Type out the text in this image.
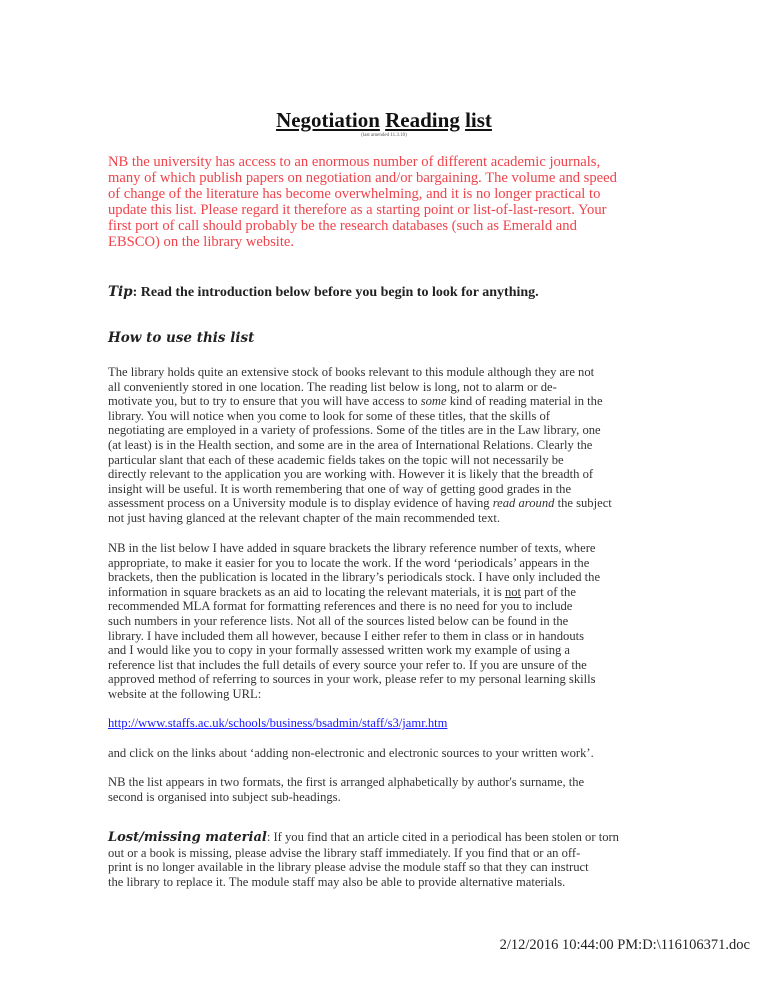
Negotiation Reading list
(last amended 11.3.10)
NB the university has access to an enormous number of different academic journals,
many of which publish papers on negotiation and/or bargaining. The volume and speed
of change of the literature has become overwhelming, and it is no longer practical to
update this list. Please regard it therefore as a starting point or list-of-last-resort. Your
first port of call should probably be the research databases (such as Emerald and
EBSCO) on the library website.
Tip: Read the introduction below before you begin to look for anything.
How to use this list
The library holds quite an extensive stock of books relevant to this module although they are not
all conveniently stored in one location. The reading list below is long, not to alarm or de-
motivate you, but to try to ensure that you will have access to some kind of reading material in the
library. You will notice when you come to look for some of these titles, that the skills of
negotiating are employed in a variety of professions. Some of the titles are in the Law library, one
(at least) is in the Health section, and some are in the area of International Relations. Clearly the
particular slant that each of these academic fields takes on the topic will not necessarily be
directly relevant to the application you are working with. However it is likely that the breadth of
insight will be useful. It is worth remembering that one of way of getting good grades in the
assessment process on a University module is to display evidence of having read around the subject
not just having glanced at the relevant chapter of the main recommended text.
NB in the list below I have added in square brackets the library reference number of texts, where
appropriate, to make it easier for you to locate the work. If the word ‘periodicals’ appears in the
brackets, then the publication is located in the library’s periodicals stock. I have only included the
information in square brackets as an aid to locating the relevant materials, it is not part of the
recommended MLA format for formatting references and there is no need for you to include
such numbers in your reference lists. Not all of the sources listed below can be found in the
library. I have included them all however, because I either refer to them in class or in handouts
and I would like you to copy in your formally assessed written work my example of using a
reference list that includes the full details of every source your refer to. If you are unsure of the
approved method of referring to sources in your work, please refer to my personal learning skills
website at the following URL:
http://www.staffs.ac.uk/schools/business/bsadmin/staff/s3/jamr.htm
and click on the links about ‘adding non-electronic and electronic sources to your written work’.
NB the list appears in two formats, the first is arranged alphabetically by author's surname, the
second is organised into subject sub-headings.
Lost/missing material: If you find that an article cited in a periodical has been stolen or torn
out or a book is missing, please advise the library staff immediately. If you find that or an off-
print is no longer available in the library please advise the module staff so that they can instruct
the library to replace it. The module staff may also be able to provide alternative materials.
2/12/2016 10:44:00 PM:D:\116106371.doc
